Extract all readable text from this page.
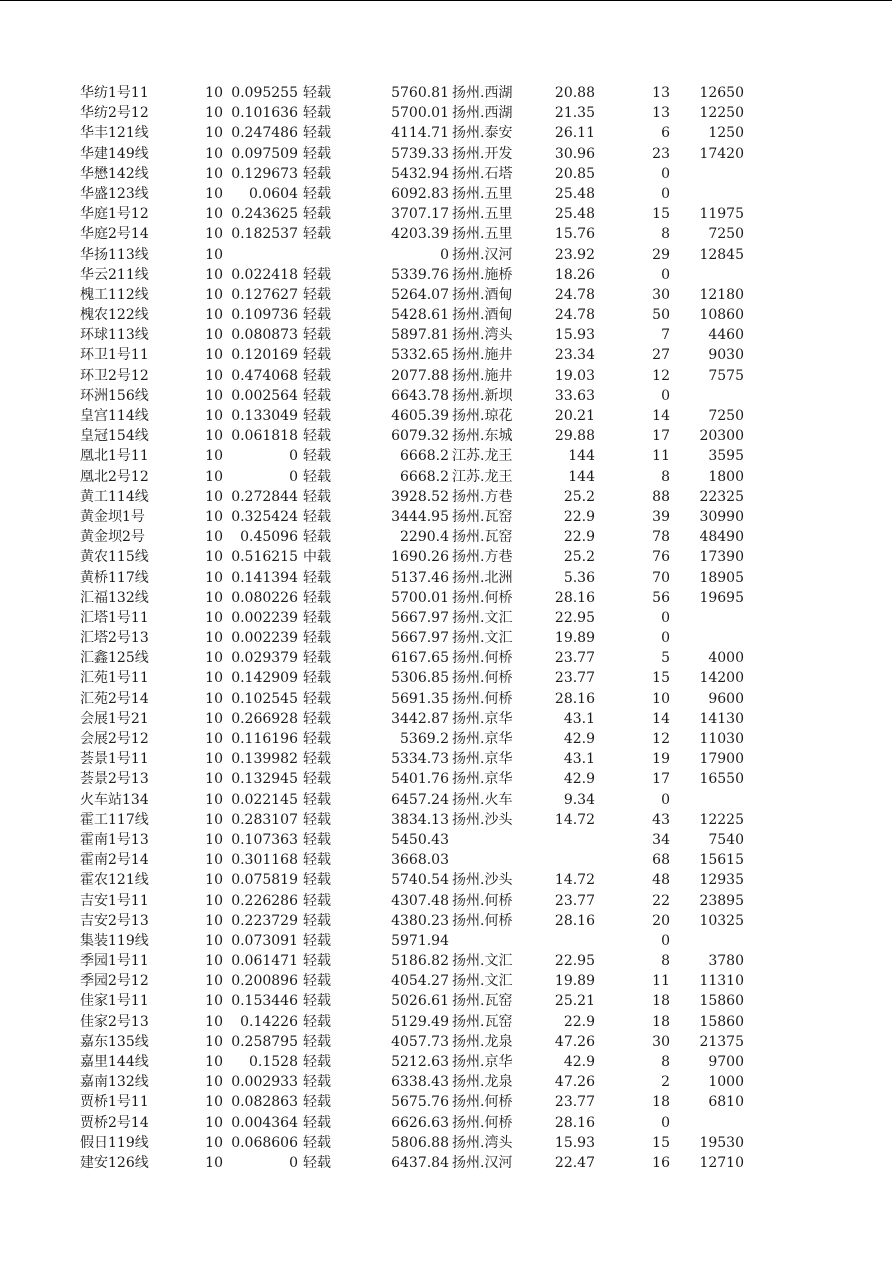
华纺1号11	10 0.095255 轻载	5760.81 扬州.西湖	20.88	13	12650
华纺2号12	10 0.101636 轻载	5700.01 扬州.西湖	21.35	13	12250
华丰121线	10 0.247486 轻载	4114.71 扬州.泰安	26.11	6	1250
华建149线	10 0.097509 轻载	5739.33 扬州.开发	30.96	23	17420
华懋142线	10 0.129673 轻载	5432.94 扬州.石塔	20.85	0
华盛123线	10	0.0604 轻载	6092.83 扬州.五里	25.48	0
华庭1号12	10 0.243625 轻载	3707.17 扬州.五里	25.48	15	11975
华庭2号14	10 0.182537 轻载	4203.39 扬州.五里	15.76	8	7250
华扬113线	10	0 扬州.汉河	23.92	29	12845
华云211线	10 0.022418 轻载	5339.76 扬州.施桥	18.26	0
槐工112线	10 0.127627 轻载	5264.07 扬州.酒甸	24.78	30	12180
槐农122线	10 0.109736 轻载	5428.61 扬州.酒甸	24.78	50	10860
环球113线	10 0.080873 轻载	5897.81 扬州.湾头	15.93	7	4460
环卫1号11	10 0.120169 轻载	5332.65 扬州.施井	23.34	27	9030
环卫2号12	10 0.474068 轻载	2077.88 扬州.施井	19.03	12	7575
环洲156线	10 0.002564 轻载	6643.78 扬州.新坝	33.63	0
皇宫114线	10 0.133049 轻载	4605.39 扬州.琼花	20.21	14	7250
皇冠154线	10 0.061818 轻载	6079.32 扬州.东城	29.88	17	20300
凰北1号11	10	0 轻载	6668.2 江苏.龙王	144	11	3595
凰北2号12	10	0 轻载	6668.2 江苏.龙王	144	8	1800
黄工114线	10 0.272844 轻载	3928.52 扬州.方巷	25.2	88	22325
黄金坝1号	10 0.325424 轻载	3444.95 扬州.瓦窑	22.9	39	30990
黄金坝2号	10	0.45096 轻载	2290.4 扬州.瓦窑	22.9	78	48490
黄农115线	10 0.516215 中载	1690.26 扬州.方巷	25.2	76	17390
黄桥117线	10 0.141394 轻载	5137.46 扬州.北洲	5.36	70	18905
汇福132线	10 0.080226 轻载	5700.01 扬州.何桥	28.16	56	19695
汇塔1号11	10 0.002239 轻载	5667.97 扬州.文汇	22.95	0
汇塔2号13	10 0.002239 轻载	5667.97 扬州.文汇	19.89	0
汇鑫125线	10 0.029379 轻载	6167.65 扬州.何桥	23.77	5	4000
汇苑1号11	10 0.142909 轻载	5306.85 扬州.何桥	23.77	15	14200
汇苑2号14	10 0.102545 轻载	5691.35 扬州.何桥	28.16	10	9600
会展1号21	10 0.266928 轻载	3442.87 扬州.京华	43.1	14	14130
会展2号12	10 0.116196 轻载	5369.2 扬州.京华	42.9	12	11030
荟景1号11	10 0.139982 轻载	5334.73 扬州.京华	43.1	19	17900
荟景2号13	10 0.132945 轻载	5401.76 扬州.京华	42.9	17	16550
火车站134	10 0.022145 轻载	6457.24 扬州.火车	9.34	0
霍工117线	10 0.283107 轻载	3834.13 扬州.沙头	14.72	43	12225
霍南1号13	10 0.107363 轻载	5450.43	34	7540
霍南2号14	10 0.301168 轻载	3668.03	68	15615
霍农121线	10 0.075819 轻载	5740.54 扬州.沙头	14.72	48	12935
吉安1号11	10 0.226286 轻载	4307.48 扬州.何桥	23.77	22	23895
吉安2号13	10 0.223729 轻载	4380.23 扬州.何桥	28.16	20	10325
集装119线	10 0.073091 轻载	5971.94	0
季园1号11	10 0.061471 轻载	5186.82 扬州.文汇	22.95	8	3780
季园2号12	10 0.200896 轻载	4054.27 扬州.文汇	19.89	11	11310
佳家1号11	10 0.153446 轻载	5026.61 扬州.瓦窑	25.21	18	15860
佳家2号13	10	0.14226 轻载	5129.49 扬州.瓦窑	22.9	18	15860
嘉东135线	10 0.258795 轻载	4057.73 扬州.龙泉	47.26	30	21375
嘉里144线	10	0.1528 轻载	5212.63 扬州.京华	42.9	8	9700
嘉南132线	10 0.002933 轻载	6338.43 扬州.龙泉	47.26	2	1000
贾桥1号11	10 0.082863 轻载	5675.76 扬州.何桥	23.77	18	6810
贾桥2号14	10 0.004364 轻载	6626.63 扬州.何桥	28.16	0
假日119线	10 0.068606 轻载	5806.88 扬州.湾头	15.93	15	19530
建安126线	10	0 轻载	6437.84 扬州.汉河	22.47	16	12710
